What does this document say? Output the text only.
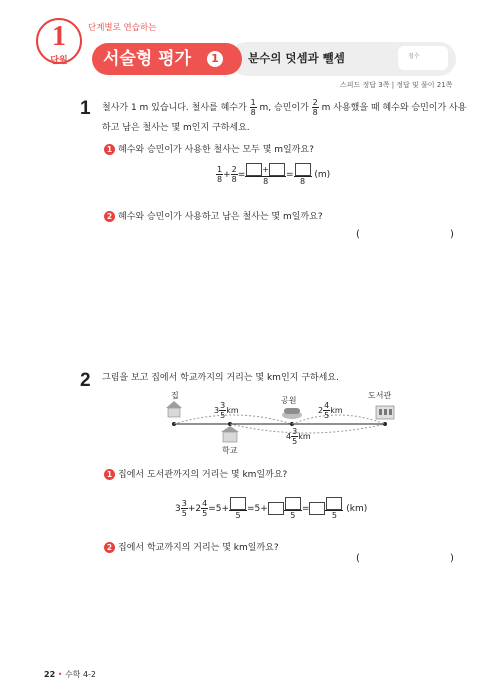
1
단원
단계별로 연습하는
서술형 평가	1	분수의 덧셈과 뺄셈	점수
스피드 정답 3쪽 | 정답 및 풀이 21쪽
1 철사가 1 m 있습니다. 철사를 혜수가 $\frac{1}{8} m$, 승민이가 $\frac{2}{8}$ m 사용했을 때 혜수와 승민이가 사용
하고 남은 철사는 몇 m인지 구하세요.
1 혜수와 승민이가 사용한 철사는 모두 몇 m일까요?
$\frac{1}{8} + \frac{2}{8}$ =
+
8
=
8
(m)
2 혜수와 승민이가 사용하고 남은 철사는 몇 m일까요?
(	)
2 그림을 보고 집에서 학교까지의 거리는 몇 km인지 구하세요.
집
공원
도서관
학교
$3 \frac{3}{5}$ km	$2 \frac{4}{5}$ km
$4 \frac{3}{5}$ km
1 집에서 도서관까지의 거리는 몇 km일까요?
$3 \frac{3}{5} +2 \frac{4}{5} =5+$
5
=5+
5
=
5
(km)
2 집에서 학교까지의 거리는 몇 km일까요?
(	)
22 • 수학 4-2
